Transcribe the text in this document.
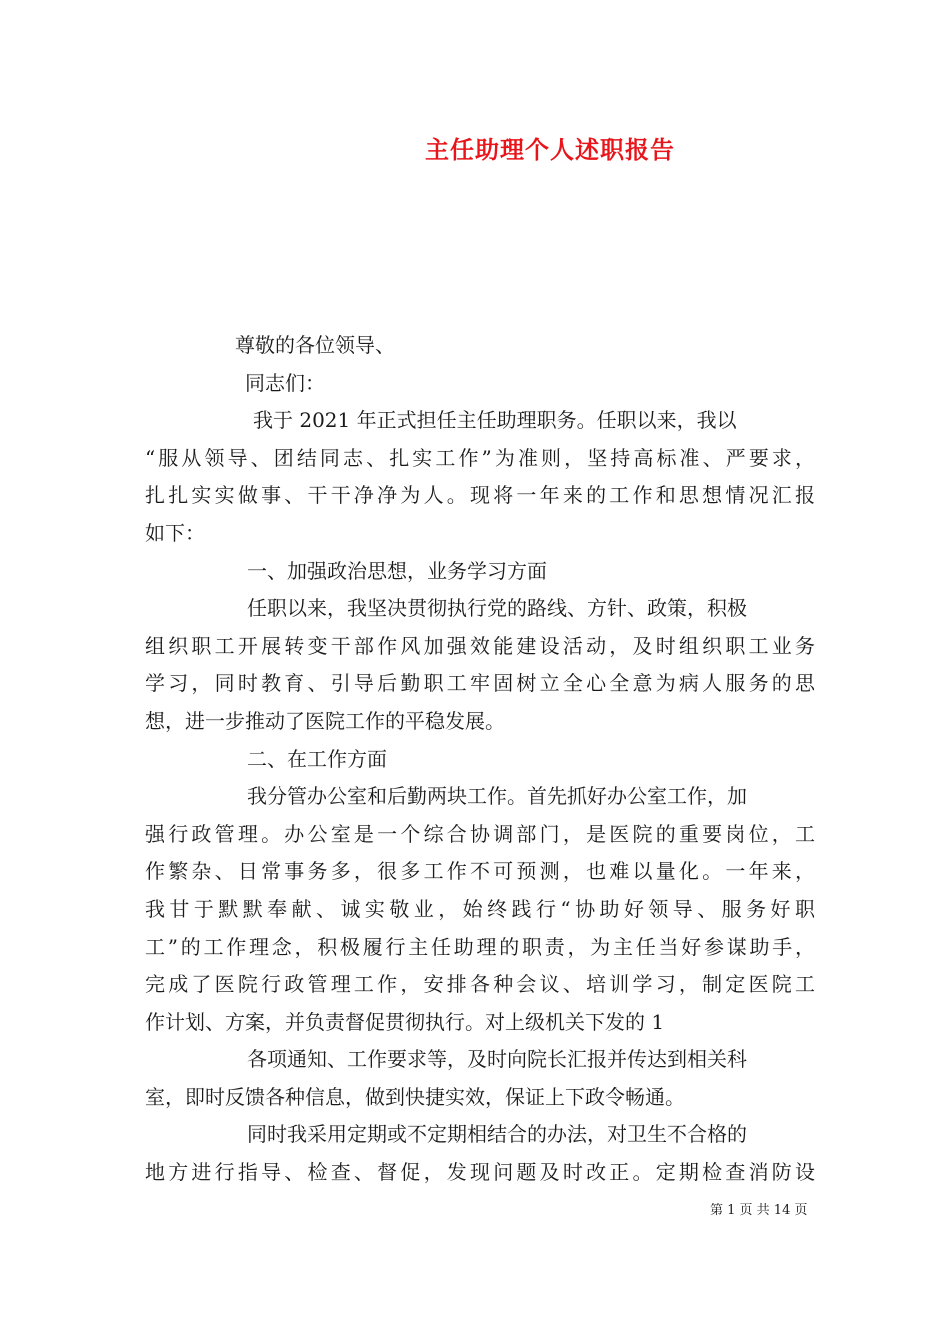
主任助理个人述职报告
尊敬的各位领导、
同志们：
我于 2021 年正式担任主任助理职务。任职以来，我以
“服从领导、团结同志、扎实工作”为准则，坚持高标准、严要求，
扎扎实实做事、干干净净为人。现将一年来的工作和思想情况汇报
如下：
一、加强政治思想，业务学习方面
任职以来，我坚决贯彻执行党的路线、方针、政策，积极
组织职工开展转变干部作风加强效能建设活动，及时组织职工业务
学习，同时教育、引导后勤职工牢固树立全心全意为病人服务的思
想，进一步推动了医院工作的平稳发展。
二、在工作方面
我分管办公室和后勤两块工作。首先抓好办公室工作，加
强行政管理。办公室是一个综合协调部门，是医院的重要岗位，工
作繁杂、日常事务多，很多工作不可预测，也难以量化。一年来，
我甘于默默奉献、诚实敬业，始终践行“协助好领导、服务好职
工”的工作理念，积极履行主任助理的职责，为主任当好参谋助手，
完成了医院行政管理工作，安排各种会议、培训学习，制定医院工
作计划、方案，并负责督促贯彻执行。对上级机关下发的 1
各项通知、工作要求等，及时向院长汇报并传达到相关科
室，即时反馈各种信息，做到快捷实效，保证上下政令畅通。
同时我采用定期或不定期相结合的办法，对卫生不合格的
地方进行指导、检查、督促，发现问题及时改正。定期检查消防设
第 1 页 共 14 页
